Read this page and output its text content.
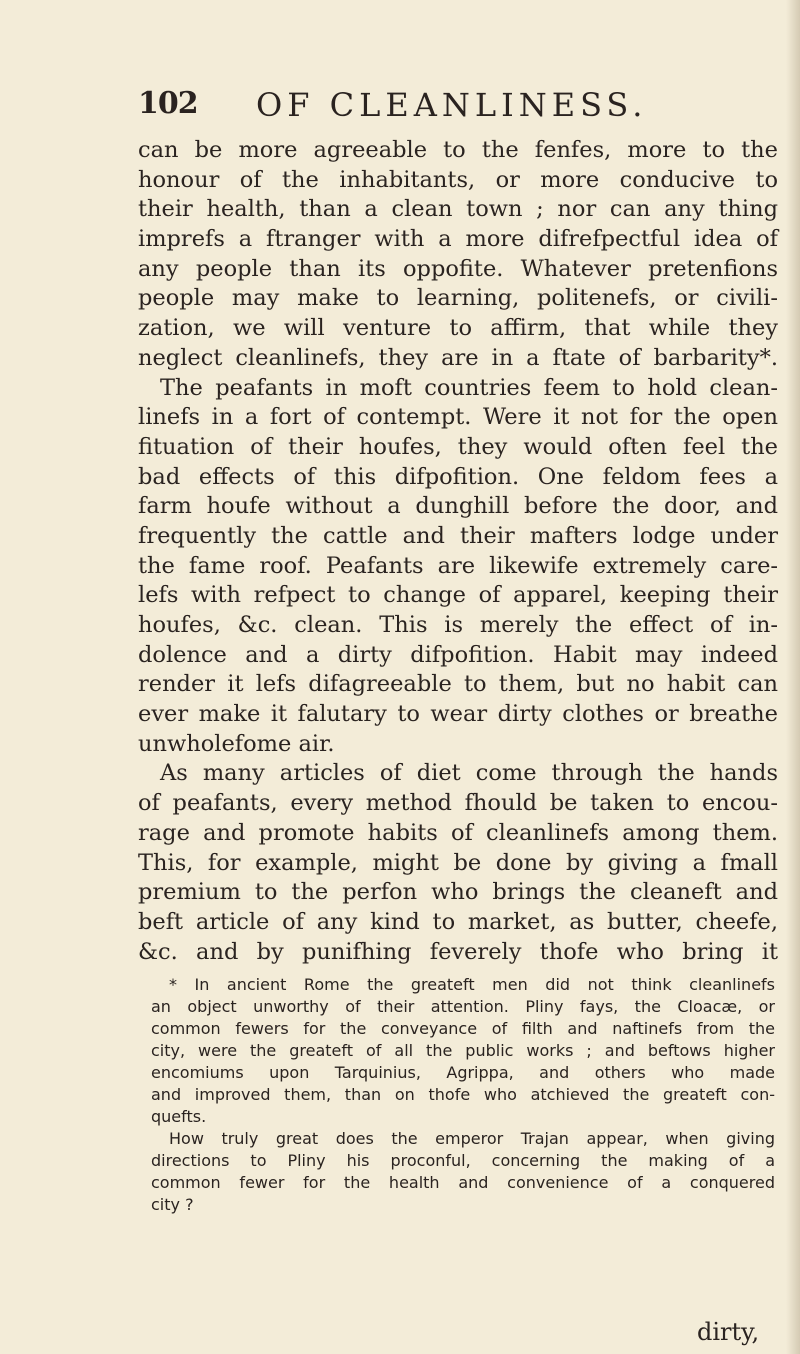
102 OF CLEANLINESS.
can be more agreeable to the fenfes, more to the
honour of the inhabitants, or more conducive to
their health, than a clean town ; nor can any thing
imprefs a ftranger with a more difrefpectful idea of
any people than its oppofite. Whatever pretenfions
people may make to learning, politenefs, or civili-
zation, we will venture to affirm, that while they
neglect cleanlinefs, they are in a ftate of barbarity*.
The peafants in moft countries feem to hold clean-
linefs in a fort of contempt. Were it not for the open
fituation of their houfes, they would often feel the
bad effects of this difpofition. One feldom fees a
farm houfe without a dunghill before the door, and
frequently the cattle and their mafters lodge under
the fame roof. Peafants are likewife extremely care-
lefs with refpect to change of apparel, keeping their
houfes, &c. clean. This is merely the effect of in-
dolence and a dirty difpofition. Habit may indeed
render it lefs difagreeable to them, but no habit can
ever make it falutary to wear dirty clothes or breathe
unwholefome air.
As many articles of diet come through the hands
of peafants, every method fhould be taken to encou-
rage and promote habits of cleanlinefs among them.
This, for example, might be done by giving a fmall
premium to the perfon who brings the cleaneft and
beft article of any kind to market, as butter, cheefe,
&c. and by punifhing feverely thofe who bring it
* In ancient Rome the greateft men did not think cleanlinefs
an object unworthy of their attention. Pliny fays, the Cloacæ, or
common fewers for the conveyance of filth and naftinefs from the
city, were the greateft of all the public works ; and beftows higher
encomiums upon Tarquinius, Agrippa, and others who made
and improved them, than on thofe who atchieved the greateft con-
quefts.
How truly great does the emperor Trajan appear, when giving
directions to Pliny his proconful, concerning the making of a
common fewer for the health and convenience of a conquered
city ?
dirty,
